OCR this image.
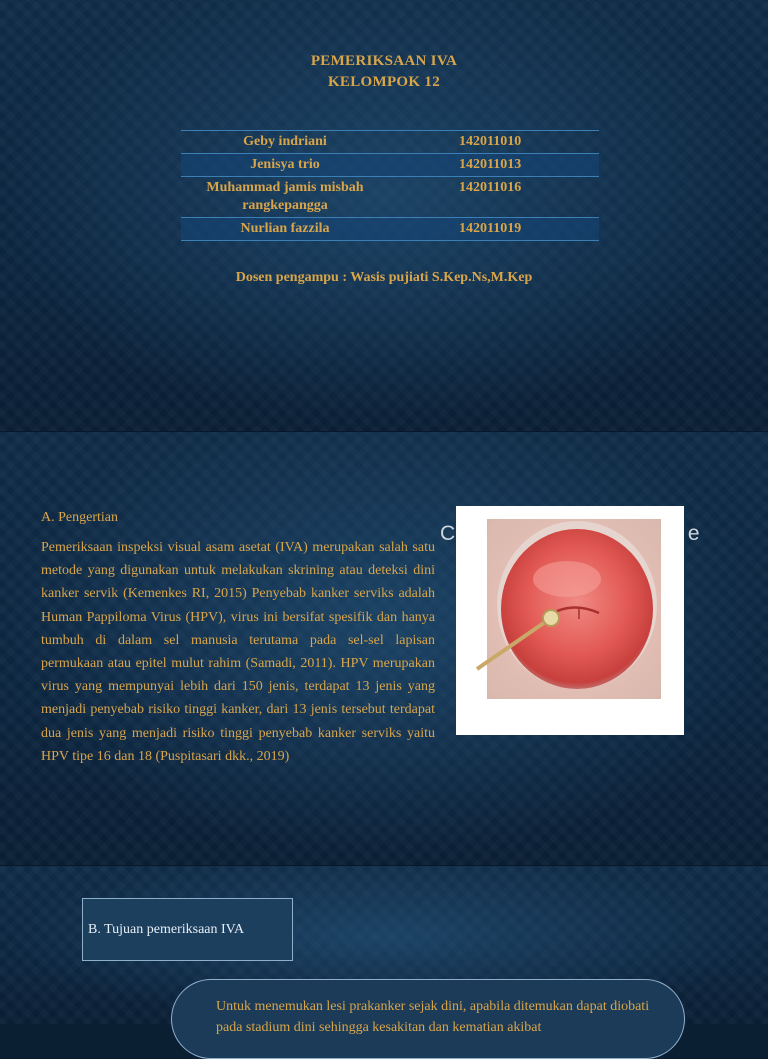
PEMERIKSAAN IVA
KELOMPOK 12
Geby indriani	142011010
Jenisya trio	142011013
Muhammad jamis misbah rangkepangga	142011016
Nurlian fazzila	142011019
Dosen pengampu : Wasis pujiati S.Kep.Ns,M.Kep
A. Pengertian

Pemeriksaan inspeksi visual asam asetat (IVA) merupakan salah satu metode yang digunakan untuk melakukan skrining atau deteksi dini kanker servik (Kemenkes RI, 2015) Penyebab kanker serviks adalah Human Pappiloma Virus (HPV), virus ini bersifat spesifik dan hanya tumbuh di dalam sel manusia terutama pada sel-sel lapisan permukaan atau epitel mulut rahim (Samadi, 2011). HPV merupakan virus yang mempunyai lebih dari 150 jenis, terdapat 13 jenis yang menjadi penyebab risiko tinggi kanker, dari 13 jenis tersebut terdapat dua jenis yang menjadi risiko tinggi penyebab kanker serviks yaitu HPV tipe 16 dan 18 (Puspitasari dkk., 2019)

C	e
B. Tujuan pemeriksaan IVA

Untuk menemukan lesi prakanker sejak dini, apabila ditemukan dapat diobati pada stadium dini sehingga kesakitan dan kematian akibat
